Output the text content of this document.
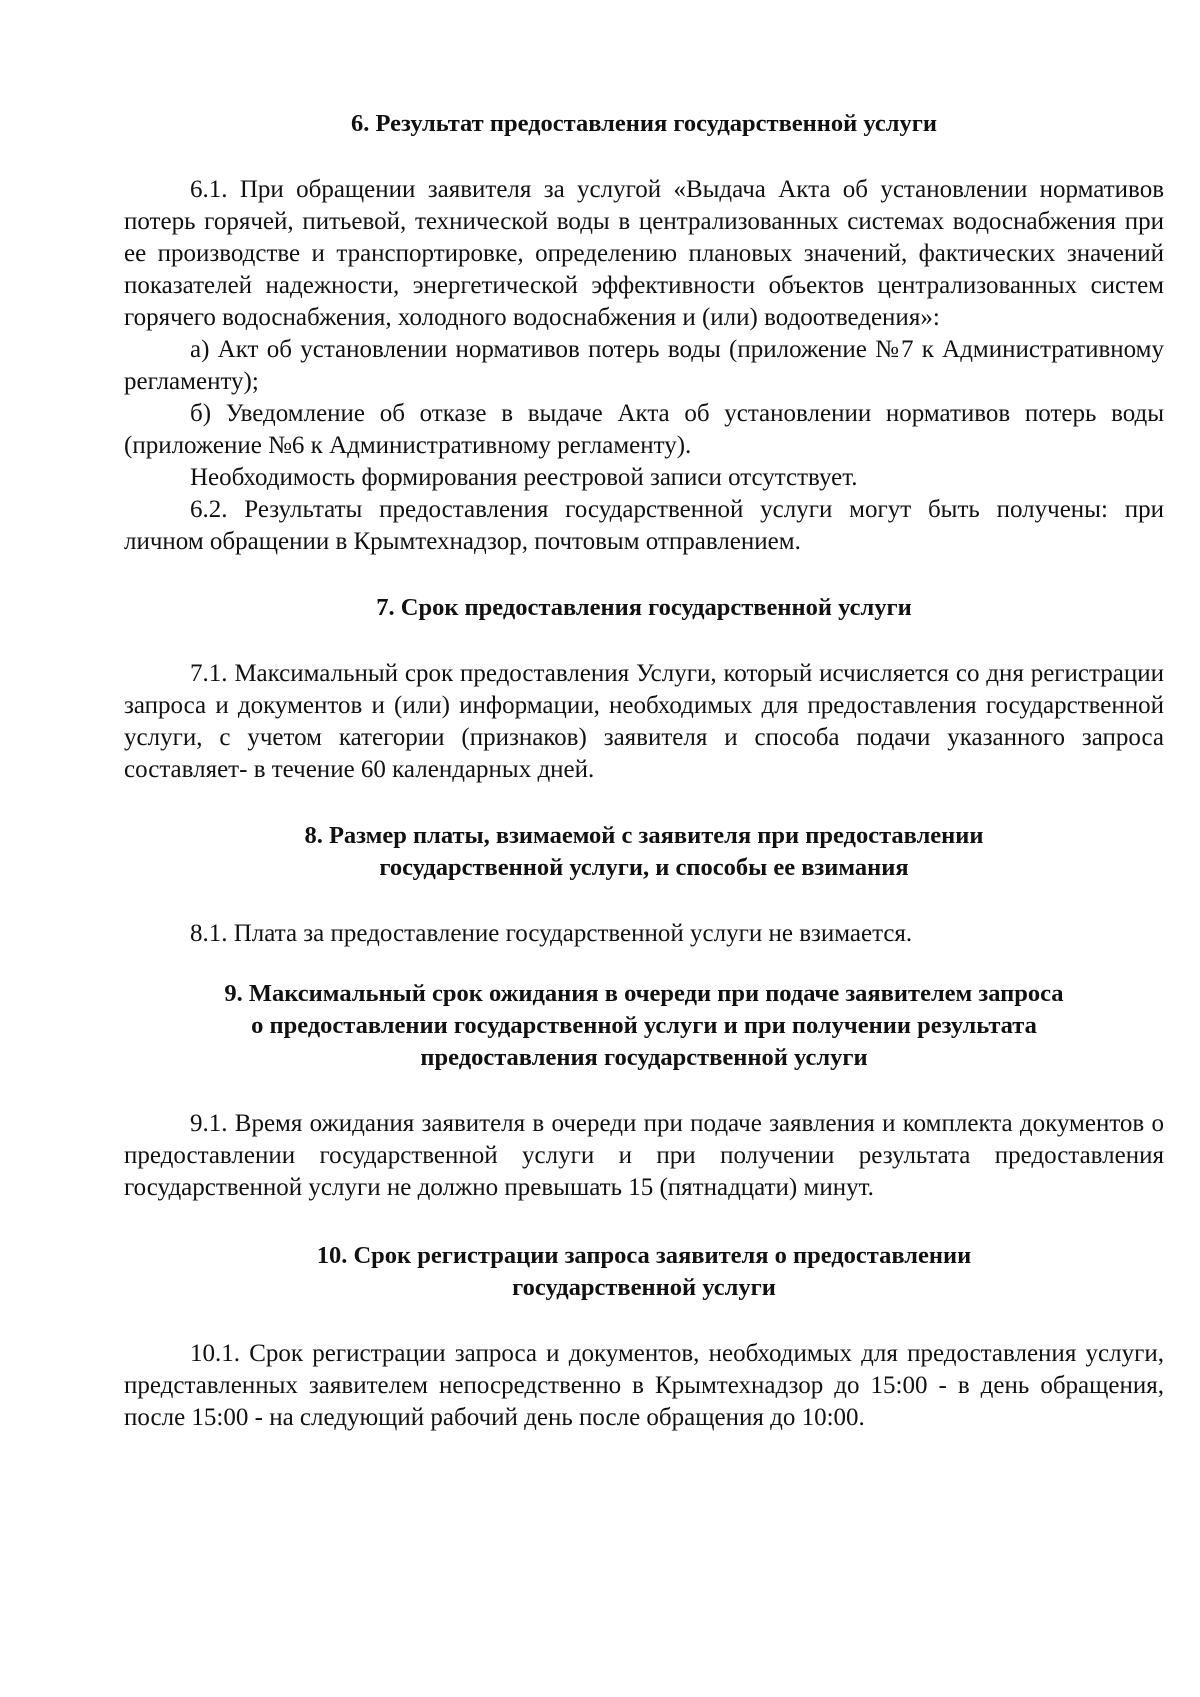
6. Результат предоставления государственной услуги

6.1. При обращении заявителя за услугой «Выдача Акта об установлении нормативов потерь горячей, питьевой, технической воды в централизованных системах водоснабжения при ее производстве и транспортировке, определению плановых значений, фактических значений показателей надежности, энергетической эффективности объектов централизованных систем горячего водоснабжения, холодного водоснабжения и (или) водоотведения»:

а) Акт об установлении нормативов потерь воды (приложение №7 к Административному регламенту);

б) Уведомление об отказе в выдаче Акта об установлении нормативов потерь воды (приложение №6 к Административному регламенту).

Необходимость формирования реестровой записи отсутствует.

6.2. Результаты предоставления государственной услуги могут быть получены: при личном обращении в Крымтехнадзор, почтовым отправлением.

7. Срок предоставления государственной услуги

7.1. Максимальный срок предоставления Услуги, который исчисляется со дня регистрации запроса и документов и (или) информации, необходимых для предоставления государственной услуги, с учетом категории (признаков) заявителя и способа подачи указанного запроса составляет- в течение 60 календарных дней.

8. Размер платы, взимаемой с заявителя при предоставлении
государственной услуги, и способы ее взимания

8.1. Плата за предоставление государственной услуги не взимается.

9. Максимальный срок ожидания в очереди при подаче заявителем запроса
о предоставлении государственной услуги и при получении результата
предоставления государственной услуги

9.1. Время ожидания заявителя в очереди при подаче заявления и комплекта документов о предоставлении государственной услуги и при получении результата предоставления государственной услуги не должно превышать 15 (пятнадцати) минут.

10. Срок регистрации запроса заявителя о предоставлении
государственной услуги

10.1. Срок регистрации запроса и документов, необходимых для предоставления услуги, представленных заявителем непосредственно в Крымтехнадзор до 15:00 - в день обращения, после 15:00 - на следующий рабочий день после обращения до 10:00.
